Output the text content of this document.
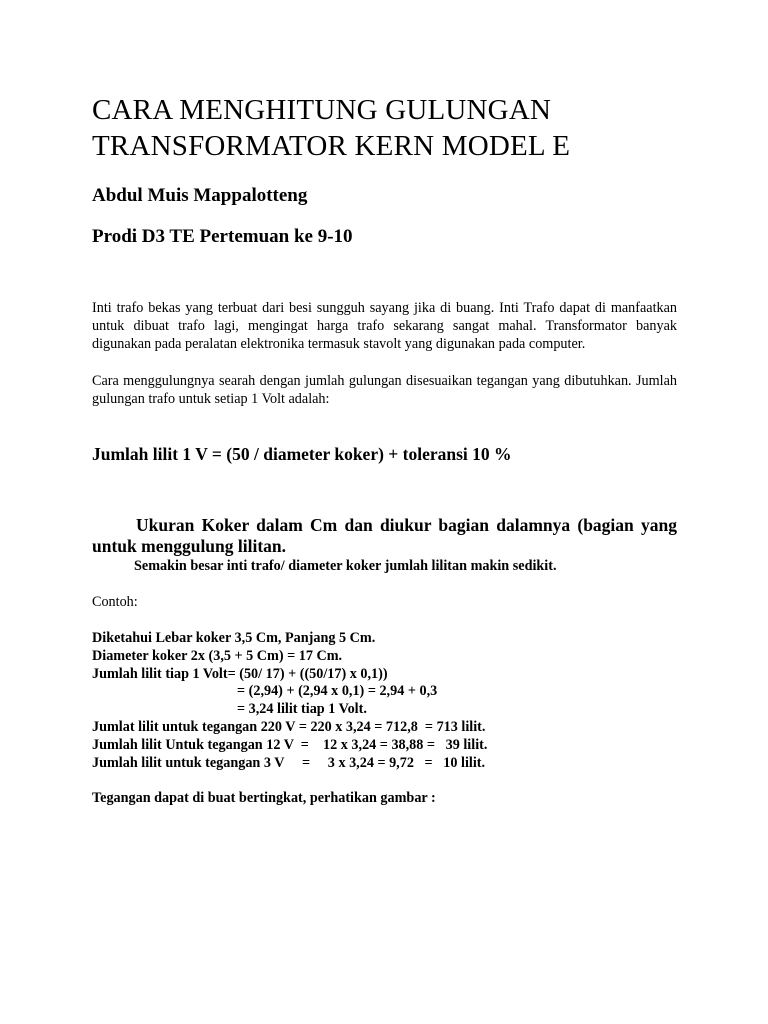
CARA MENGHITUNG GULUNGAN
TRANSFORMATOR KERN MODEL E

Abdul Muis Mappalotteng

Prodi D3 TE Pertemuan ke 9-10

Inti trafo bekas yang terbuat dari besi sungguh sayang jika di buang. Inti Trafo dapat di manfaatkan untuk dibuat trafo lagi, mengingat harga trafo sekarang sangat mahal. Transformator banyak digunakan pada peralatan elektronika termasuk stavolt yang digunakan pada computer.

Cara menggulungnya searah dengan jumlah gulungan disesuaikan tegangan yang dibutuhkan. Jumlah gulungan trafo untuk setiap 1 Volt adalah:

Jumlah lilit 1 V = (50 / diameter koker) + toleransi 10 %

Ukuran Koker dalam Cm dan diukur bagian dalamnya (bagian yang untuk menggulung lilitan.

Semakin besar inti trafo/ diameter koker jumlah lilitan makin sedikit.

Contoh:

Diketahui Lebar koker 3,5 Cm, Panjang 5 Cm.
Diameter koker 2x (3,5 + 5 Cm) = 17 Cm.
Jumlah lilit tiap 1 Volt= (50/ 17) + ((50/17) x 0,1))
= (2,94) + (2,94 x 0,1) = 2,94 + 0,3
= 3,24 lilit tiap 1 Volt.
Jumlat lilit untuk tegangan 220 V = 220 x 3,24 = 712,8  = 713 lilit.
Jumlah lilit Untuk tegangan 12 V  =    12 x 3,24 = 38,88 =   39 lilit.
Jumlah lilit untuk tegangan 3 V     =     3 x 3,24 = 9,72   =   10 lilit.

Tegangan dapat di buat bertingkat, perhatikan gambar :
